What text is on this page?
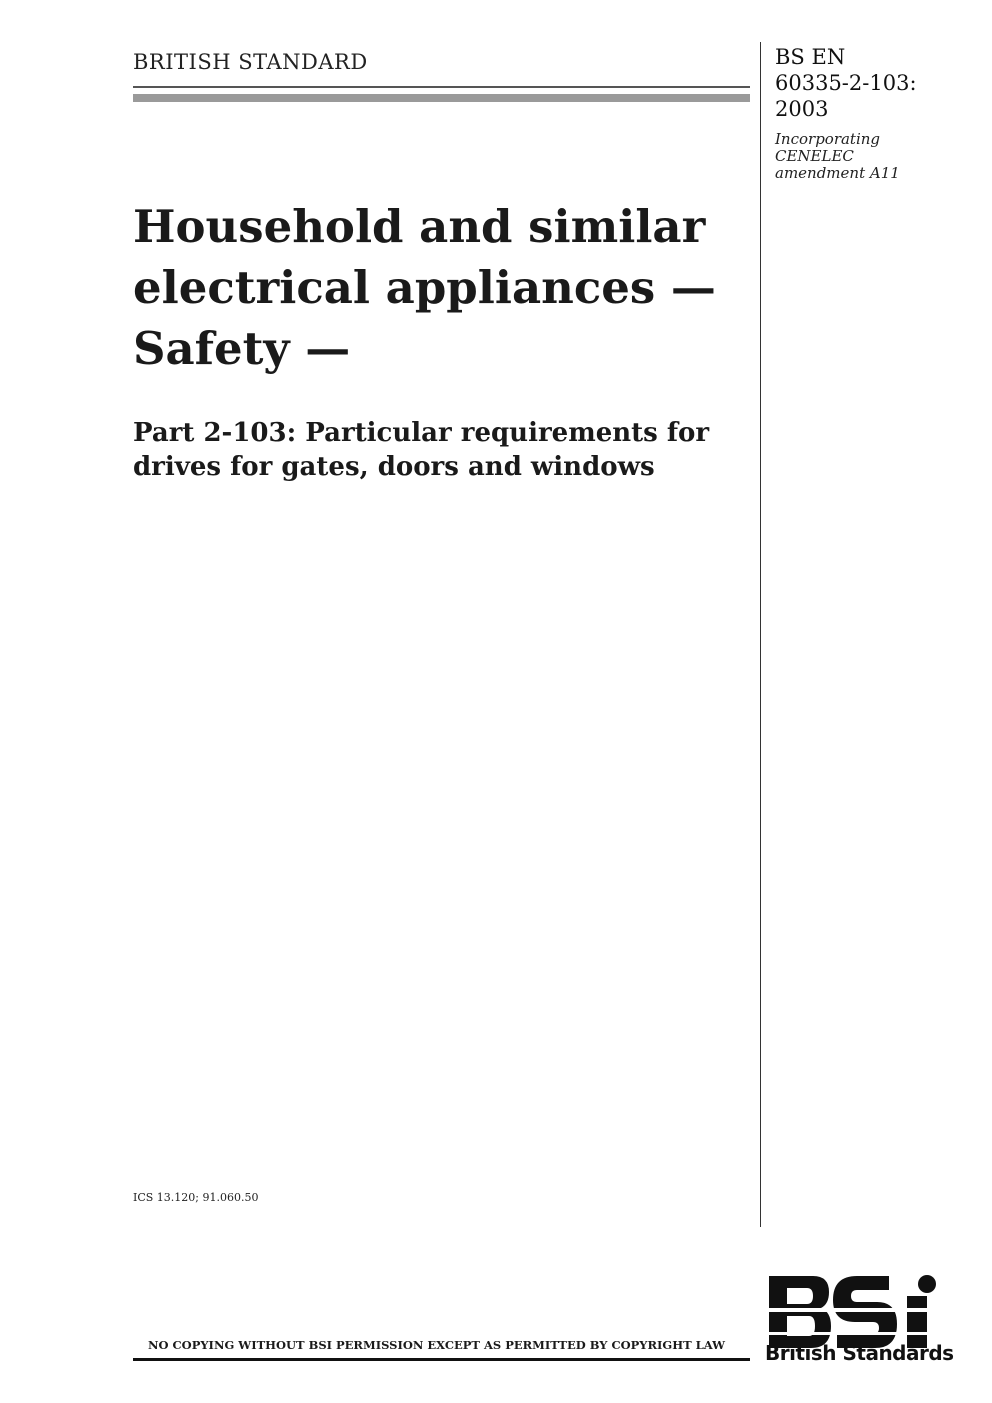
BRITISH STANDARD	BS EN
60335-2-103:
2003
Incorporating
CENELEC
amendment A11
Household and similar
electrical appliances —
Safety —
Part 2-103: Particular requirements for
drives for gates, doors and windows
ICS 13.120; 91.060.50
NO COPYING WITHOUT BSI PERMISSION EXCEPT AS PERMITTED BY COPYRIGHT LAW British Standards
